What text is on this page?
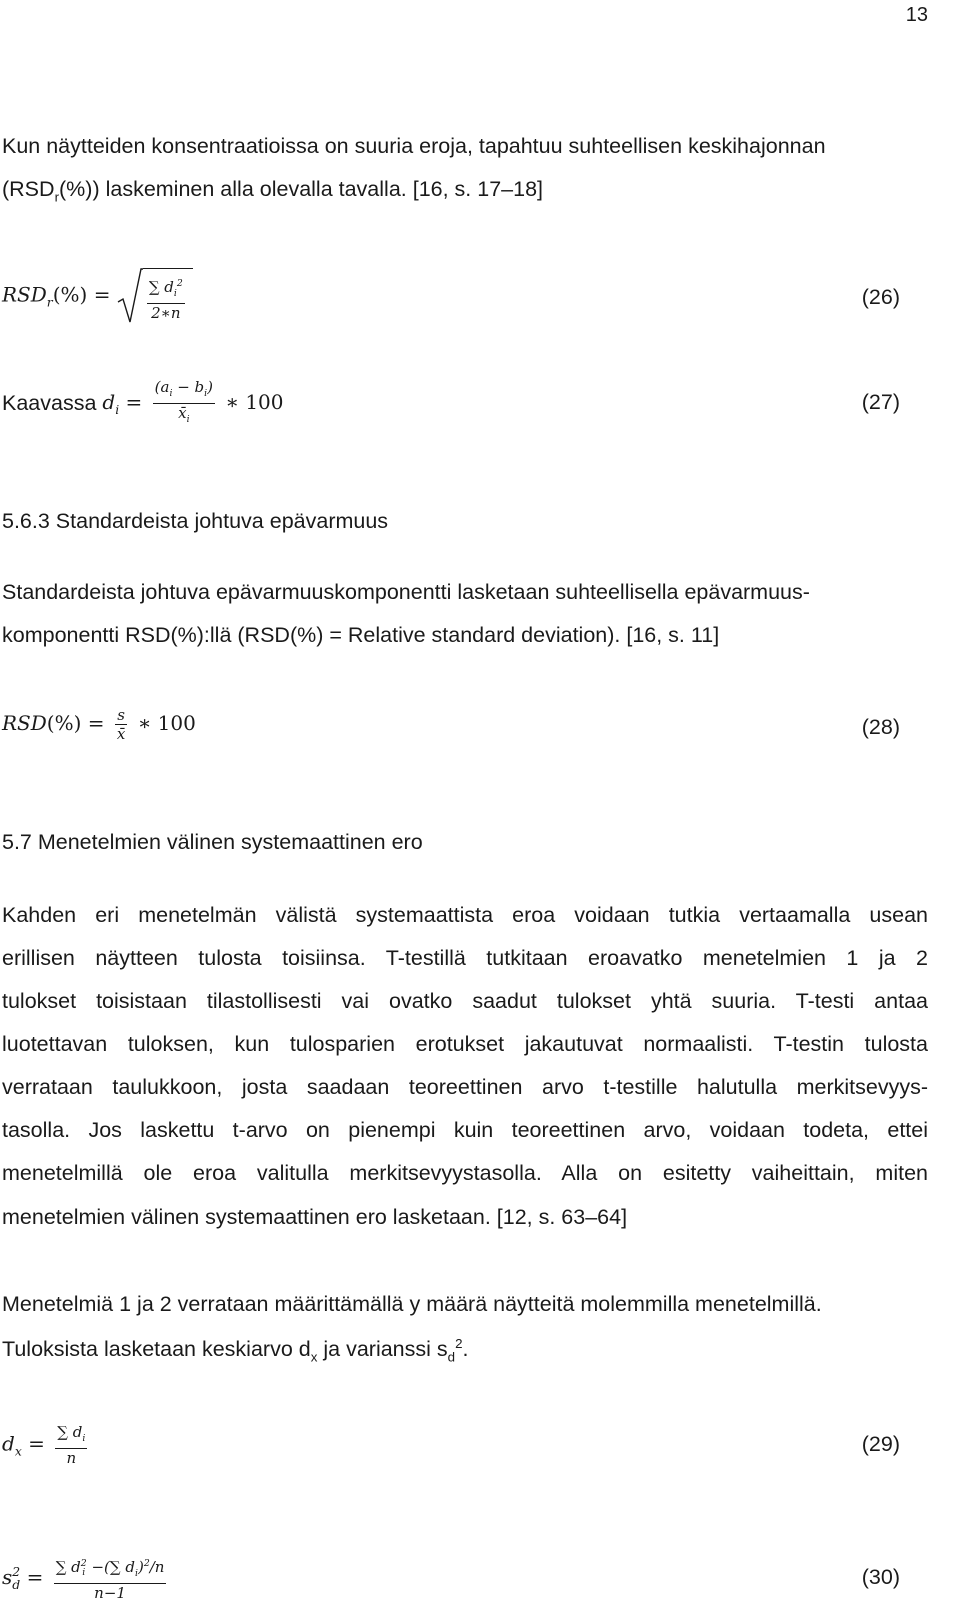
13
Kun näytteiden konsentraatioissa on suuria eroja, tapahtuu suhteellisen keskihajonnan
$(RSD_r(\%))$ laskeminen alla olevalla tavalla. [16, s. 17–18]
$RSD_r(\%) = \frac{\sum d_i^2}{2∗n}$	(26)
Kaavassa $d_i = \frac{(a_i - b_i)}{x̄_i}$ ∗ 100	(27)
5.6.3 Standardeista johtuva epävarmuus
Standardeista johtuva epävarmuuskomponentti lasketaan suhteellisella epävarmuus-
komponentti RSD(%):llä (RSD(%) = Relative standard deviation). [16, s. 11]
$RSD(\%) = \frac{s}{x̄}$ ∗ 100	(28)
5.7 Menetelmien välinen systemaattinen ero
Kahden eri menetelmän välistä systemaattista eroa voidaan tutkia vertaamalla usean
erillisen näytteen tulosta toisiinsa. T-testillä tutkitaan eroavatko menetelmien 1 ja 2
tulokset toisistaan tilastollisesti vai ovatko saadut tulokset yhtä suuria. T-testi antaa
luotettavan tuloksen, kun tulosparien erotukset jakautuvat normaalisti. T-testin tulosta
verrataan taulukkoon, josta saadaan teoreettinen arvo t-testille halutulla merkitsevyys-
tasolla. Jos laskettu t-arvo on pienempi kuin teoreettinen arvo, voidaan todeta, ettei
menetelmillä ole eroa valitulla merkitsevyystasolla. Alla on esitetty vaiheittain, miten
menetelmien välinen systemaattinen ero lasketaan. [12, s. 63–64]
Menetelmiä 1 ja 2 verrataan määrittämällä y määrä näytteitä molemmilla menetelmillä.
Tuloksista lasketaan keskiarvo $d_x$ ja varianssi $s_d^2$.
$d_x = \frac{\sum d_i}{n}$	(29)
s 2
d = ∑ d 2
i −(∑ $d_i)^2/n$
n−1	(30)
